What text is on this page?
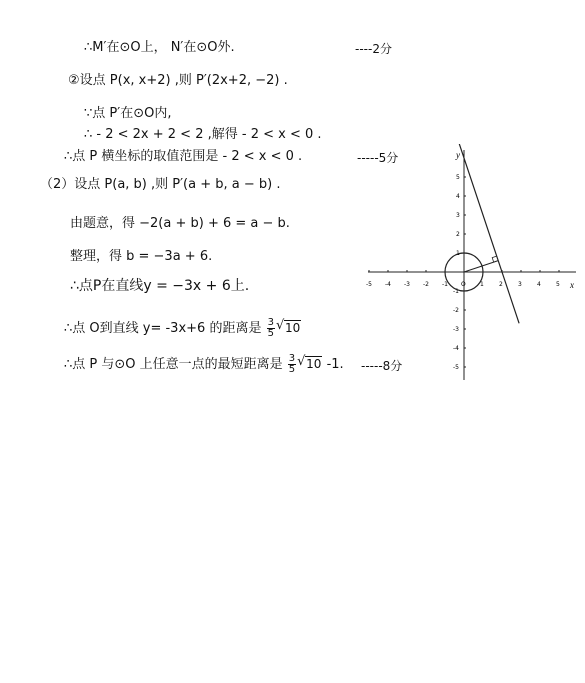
∴M′在⊙O上， N′在⊙O外.	----2分
②设点 P(x, x+2) ,则 P′(2x+2, −2) .
∵点 P′在⊙O内,
∴ - 2 < 2x + 2 < 2 ,解得 - 2 < x < 0 .
∴点 P 横坐标的取值范围是 - 2 < x < 0 .	-----5分
（2）设点 P(a, b) ,则 P′(a + b, a − b) .
由题意，得 −2(a + b) + 6 = a − b.
整理，得 b = −3a + 6.
∴点P在直线y = −3x + 6上.
∴点 O到直线 y= -3x+6 的距离是 $\frac{3}{5}$ √ 10
∴点 P 与⊙O 上任意一点的最短距离是 $\frac{3}{5}$ √ 10 -1. -----8分
x
y
-5 -4 -3 -2 -1 O 1	2	3	4	5
1
2
3
4
5
-1
-2
-3
-4
-5
